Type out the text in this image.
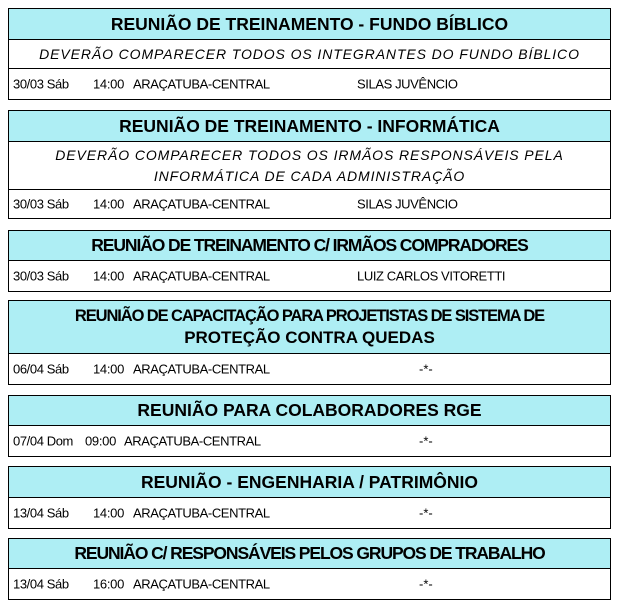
REUNIÃO DE TREINAMENTO - FUNDO BÍBLICO
DEVERÃO COMPARECER TODOS OS INTEGRANTES DO FUNDO BÍBLICO
30/03 Sáb 14:00 ARAÇATUBA-CENTRAL	SILAS JUVÊNCIO
REUNIÃO DE TREINAMENTO - INFORMÁTICA
DEVERÃO COMPARECER TODOS OS IRMÃOS RESPONSÁVEIS PELA
INFORMÁTICA DE CADA ADMINISTRAÇÃO
30/03 Sáb 14:00 ARAÇATUBA-CENTRAL	SILAS JUVÊNCIO
REUNIÃO DE TREINAMENTO C/ IRMÃOS COMPRADORES
30/03 Sáb 14:00 ARAÇATUBA-CENTRAL	LUIZ CARLOS VITORETTI
REUNIÃO DE CAPACITAÇÃO PARA PROJETISTAS DE SISTEMA DE
PROTEÇÃO CONTRA QUEDAS
06/04 Sáb 14:00 ARAÇATUBA-CENTRAL	-*-
REUNIÃO PARA COLABORADORES RGE
07/04 Dom 09:00 ARAÇATUBA-CENTRAL	-*-
REUNIÃO - ENGENHARIA / PATRIMÔNIO
13/04 Sáb 14:00 ARAÇATUBA-CENTRAL	-*-
REUNIÃO C/ RESPONSÁVEIS PELOS GRUPOS DE TRABALHO
13/04 Sáb 16:00 ARAÇATUBA-CENTRAL	-*-
